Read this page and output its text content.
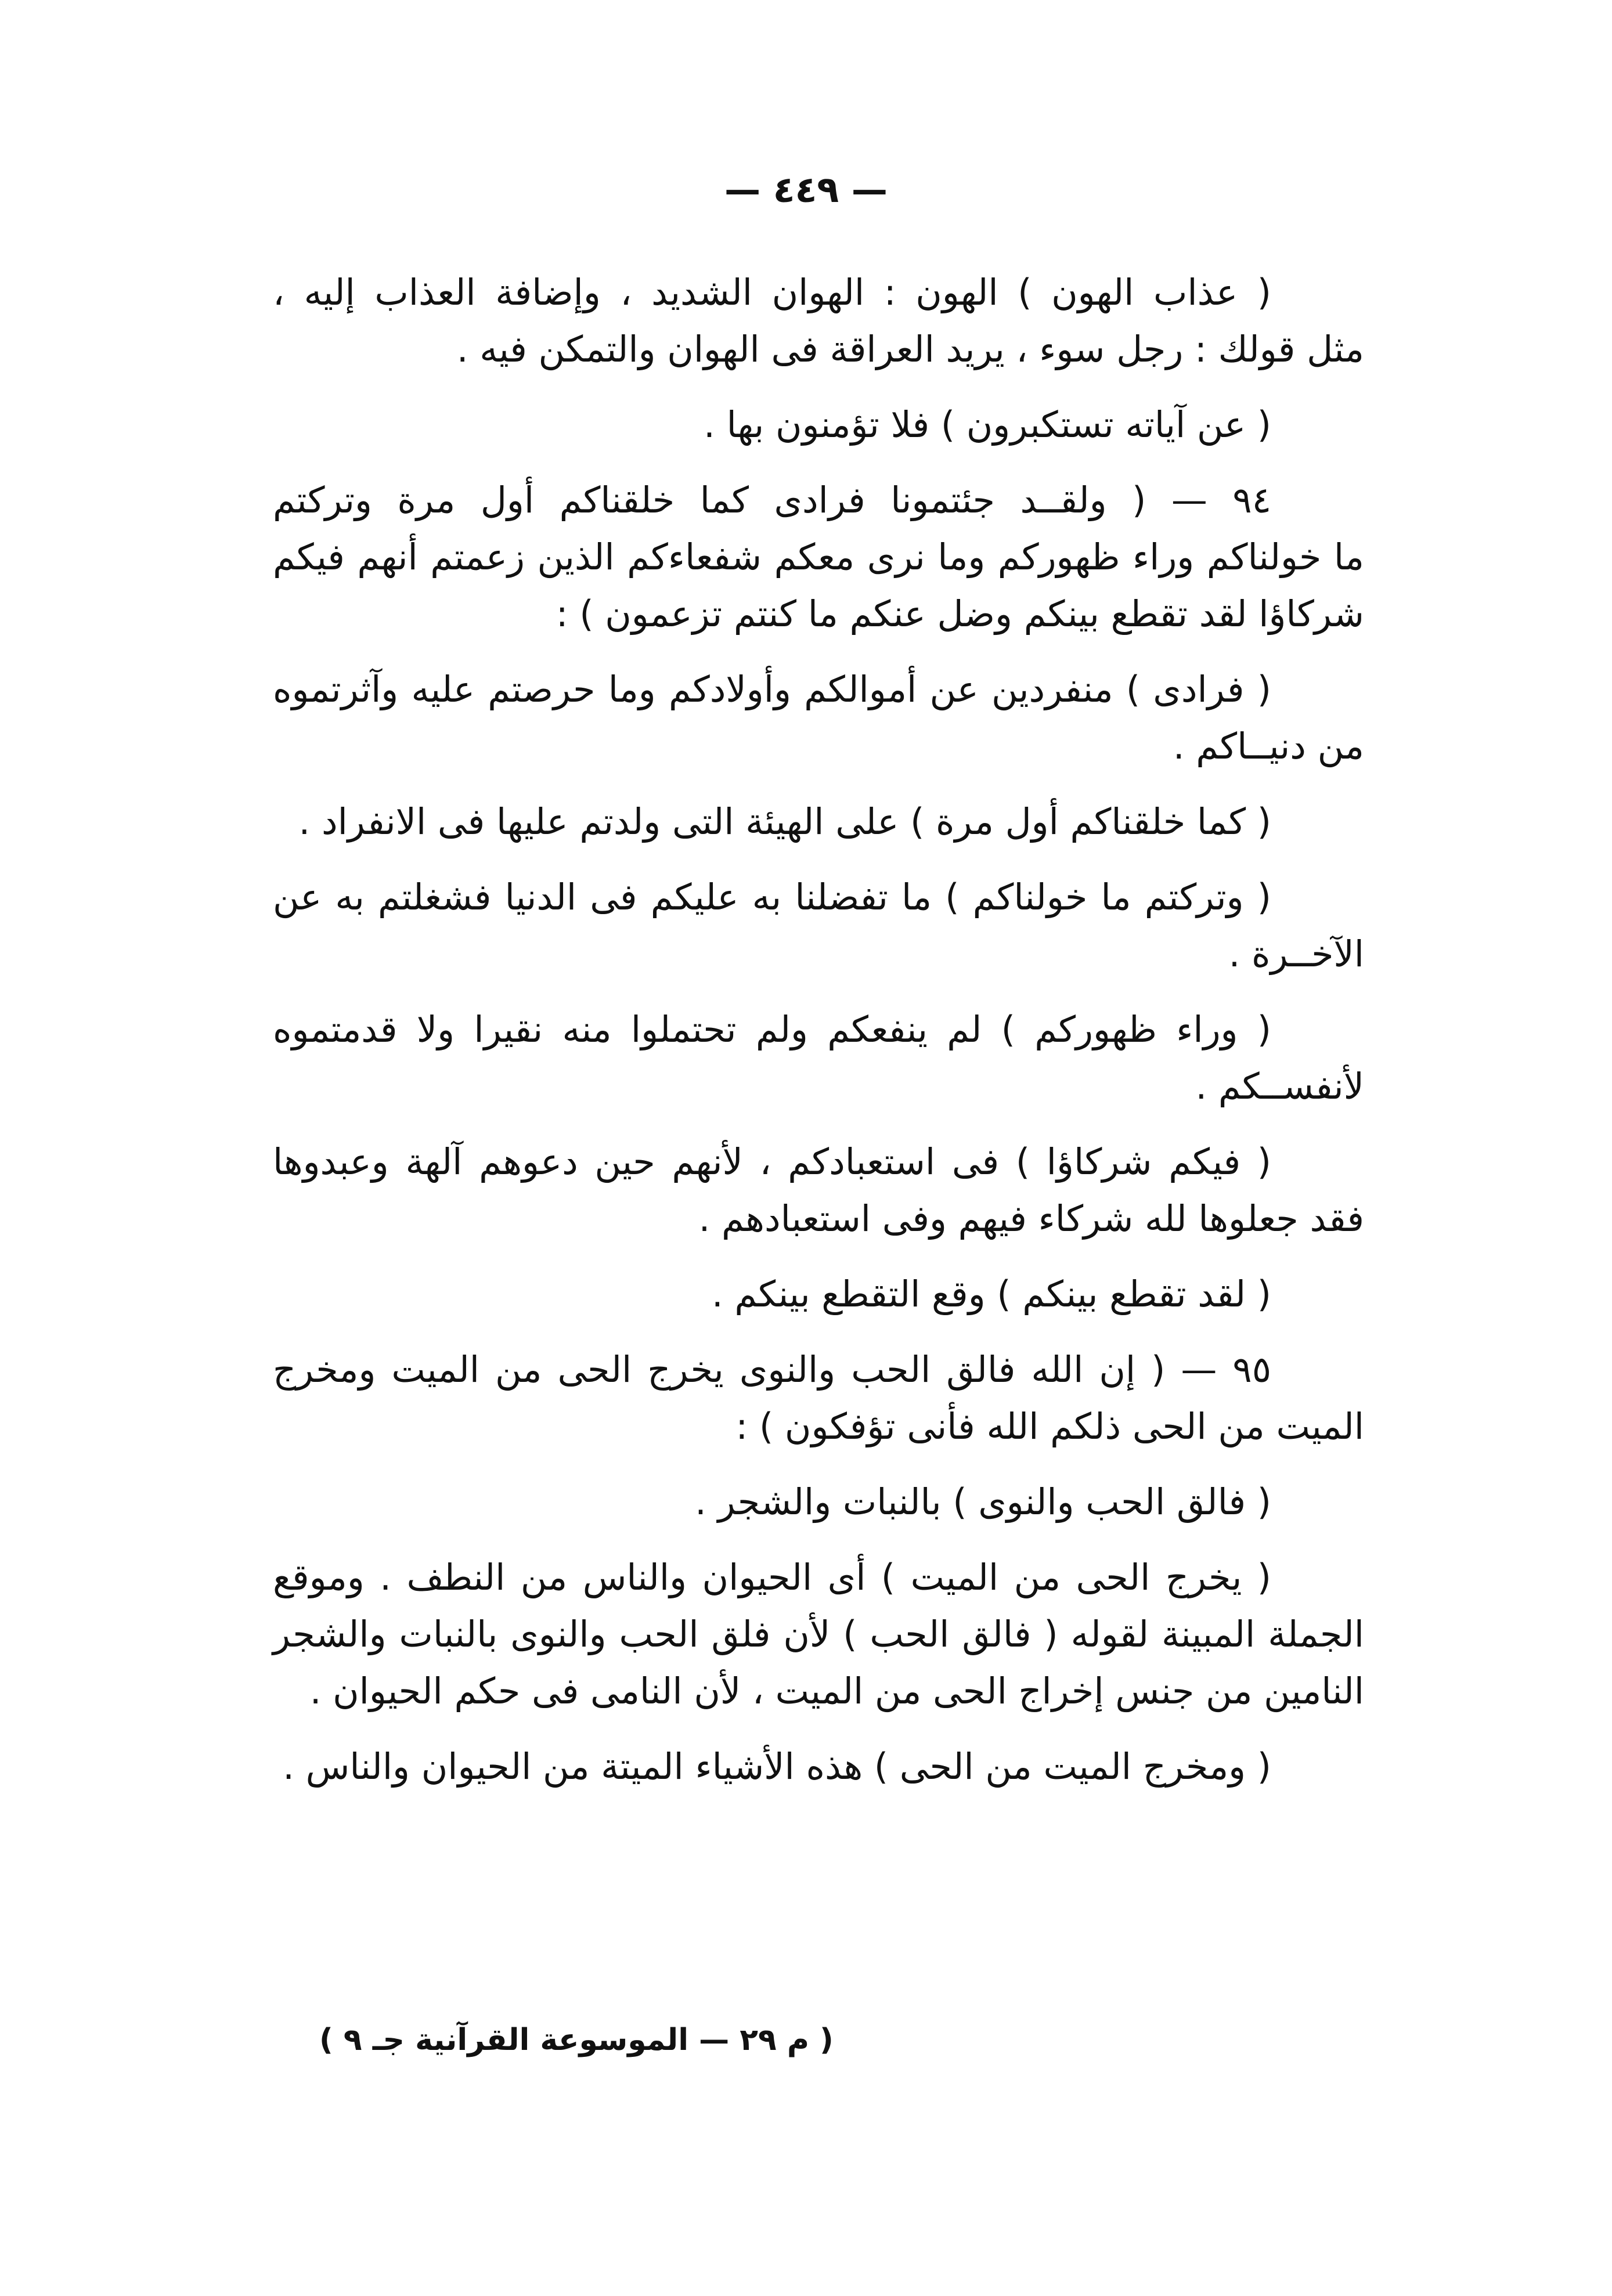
— ٤٤٩ —

( عذاب الهون ) الهون : الهوان الشديد ، وإضافة العذاب إليه ،
مثل قولك : رجل سوء ، يريد العراقة فى الهوان والتمكن فيه .

( عن آياته تستكبرون ) فلا تؤمنون بها .

٩٤ — ( ولقــد جئتمونا فرادى كما خلقناكم أول مرة وتركتم
ما خولناكم وراء ظهوركم وما نرى معكم شفعاءكم الذين زعمتم أنهم فيكم
شركاؤا لقد تقطع بينكم وضل عنكم ما كنتم تزعمون ) :

( فرادى ) منفردين عن أموالكم وأولادكم وما حرصتم عليه وآثرتموه
من دنيــاكم .

( كما خلقناكم أول مرة ) على الهيئة التى ولدتم عليها فى الانفراد .

( وتركتم ما خولناكم ) ما تفضلنا به عليكم فى الدنيا فشغلتم به عن
الآخــرة .

( وراء ظهوركم ) لم ينفعكم ولم تحتملوا منه نقيرا ولا قدمتموه
لأنفســكم .

( فيكم شركاؤا ) فى استعبادكم ، لأنهم حين دعوهم آلهة وعبدوها
فقد جعلوها لله شركاء فيهم وفى استعبادهم .

( لقد تقطع بينكم ) وقع التقطع بينكم .

٩٥ — ( إن الله فالق الحب والنوى يخرج الحى من الميت ومخرج
الميت من الحى ذلكم الله فأنى تؤفكون ) :

( فالق الحب والنوى ) بالنبات والشجر .

( يخرج الحى من الميت ) أى الحيوان والناس من النطف . وموقع
الجملة المبينة لقوله ( فالق الحب ) لأن فلق الحب والنوى بالنبات والشجر
النامين من جنس إخراج الحى من الميت ، لأن النامى فى حكم الحيوان .

( ومخرج الميت من الحى ) هذه الأشياء الميتة من الحيوان والناس .

( م ٢٩ — الموسوعة القرآنية جـ ٩ )
